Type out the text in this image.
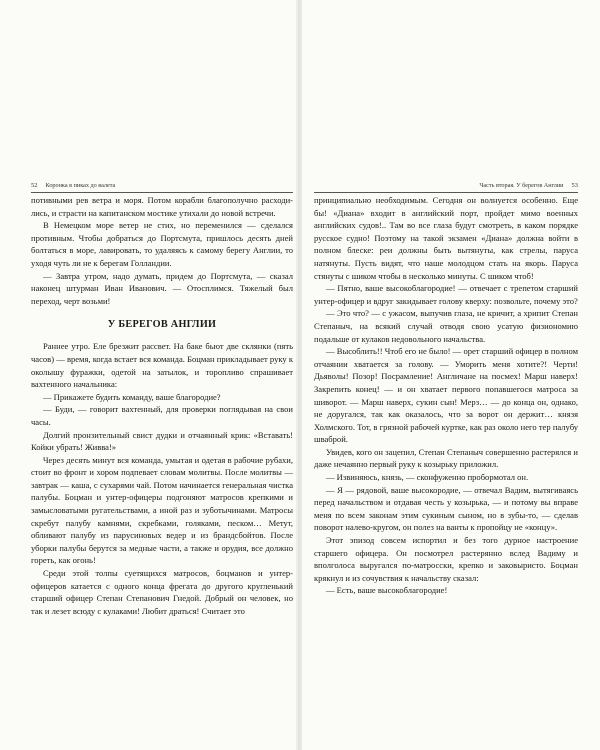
52 Коронка в пиках до валета

потивными рев ветра и моря. Потом корабли благополучно расходи-лись, и страсти на капитанском мостике утихали до новой встречи.

В Немецком море ветер не стих, но переменился — сделался противным. Чтобы добраться до Портсмута, пришлось десять дней болтаться в море, лавировать, то удаляясь к самому берегу Англии, то уходя чуть ли не к берегам Голландии.

— Завтра утром, надо думать, придем до Портсмута, — сказал наконец штурман Иван Иванович. — Отосплимся. Тяжелый был переход, черт возьми!

У БЕРЕГОВ АНГЛИИ

Раннее утро. Еле брезжит рассвет. На баке бьют две склянки (пять часов) — время, когда встает вся команда. Боцман прикладывает руку к околышу фуражки, одетой на затылок, и торопливо спрашивает вахтенного начальника:

— Прикажете будить команду, ваше благородие?

— Буди, — говорит вахтенный, для проверки поглядывая на свои часы.

Долгий пронзительный свист дудки и отчаянный крик: «Вставать! Койки убрать! Живва!»

Через десять минут вся команда, умытая и одетая в рабочие рубахи, стоит во фронт и хором подпевает словам молитвы. После молитвы — завтрак — каша, с сухарями чай. Потом начинается генеральная чистка палубы. Боцман и унтер-офицеры подгоняют матросов крепкими и замысловатыми ругательствами, а иной раз и зуботычинами. Матросы скребут палубу камнями, скребками, голяками, песком… Метут, обливают палубу из парусиновых ведер и из брандсбойтов. После уборки палубы берутся за медные части, а также и орудия, все должно гореть, как огонь!

Среди этой толпы суетящихся матросов, боцманов и унтер-офицеров катается с одного конца фрегата до другого кругленький старший офицер Степан Степанович Гнедой. Добрый он человек, но так и лезет всюду с кулаками! Любит драться! Считает это

Часть вторая. У берегов Англии 53

принципиально необходимым. Сегодня он волнуется особенно. Еще бы! «Диана» входит в английский порт, пройдет мимо военных английских судов!.. Там во все глаза будут смотреть, в каком порядке русское судно! Поэтому на такой экзамен «Диана» должна войти в полном блеске: реи должны быть вытянуты, как стрелы, паруса натянуты. Пусть видят, что наше молодцом стать на якорь. Паруса стянуты с шиком чтобы в несколько минуты. С шиком чтоб!

— Пятно, ваше высокоблагородие! — отвечает с трепетом старший унтер-офицер и вдруг закидывает голову кверху: позвольте, почему это?

— Это что? — с ужасом, выпучив глаза, не кричит, а хрипит Степан Степаныч, на всякий случай отводя свою усатую физиономию подальше от кулаков недовольного начальства.

— Высоблить!! Чтоб его не было! — орет старший офицер в полном отчаянии хватается за голову. — Уморить меня хотите?! Черти! Дьяволы! Позор! Посрамление! Англичане на посмех! Марш наверх! Закрепить конец! — и он хватает первого попавшегося матроса за шиворот. — Марш наверх, сукин сын! Мерз… — до конца он, однако, не доругался, так как оказалось, что за ворот он держит… князя Холмского. Тот, в грязной рабочей куртке, как раз около него тер палубу шваброй.

Увидев, кого он зацепил, Степан Степаныч совершенно растерялся и даже нечаянно первый руку к козырьку приложил.

— Извиняюсь, князь, — сконфуженно пробормотал он.

— Я — рядовой, ваше высокородие, — отвечал Вадим, вытягиваясь перед начальством и отдавая честь у козырька, — и потому вы вправе меня по всем законам этим сукиным сыном, но в зубы-то, — сделав поворот налево-кругом, он полез на ванты к пропойцу не «концу».

Этот эпизод совсем испортил и без того дурное настроение старшего офицера. Он посмотрел растерянно вслед Вадиму и вполголоса выругался по-матросски, крепко и заковыристо. Боцман крякнул и из сочувствия к начальству сказал:

— Есть, ваше высокоблагородие!
